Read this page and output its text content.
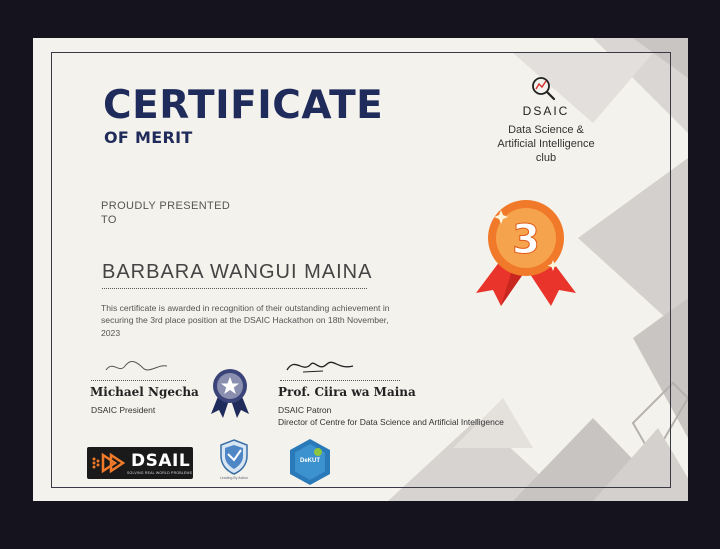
CERTIFICATE
OF MERIT
DSAIC
Data Science &
Artificial Intelligence
club
PROUDLY PRESENTED
TO
BARBARA WANGUI MAINA
This certificate is awarded in recognition of their outstanding achievement in securing the 3rd place position at the DSAIC Hackathon on 18th November, 2023
3
Michael Ngecha
DSAIC President
Prof. Ciira wa Maina
DSAIC Patron
Director of Centre for Data Science and Artificial Intelligence
DSAIL
SOLVING REAL WORLD PROBLEMS
Leading By Action
DeKUT
